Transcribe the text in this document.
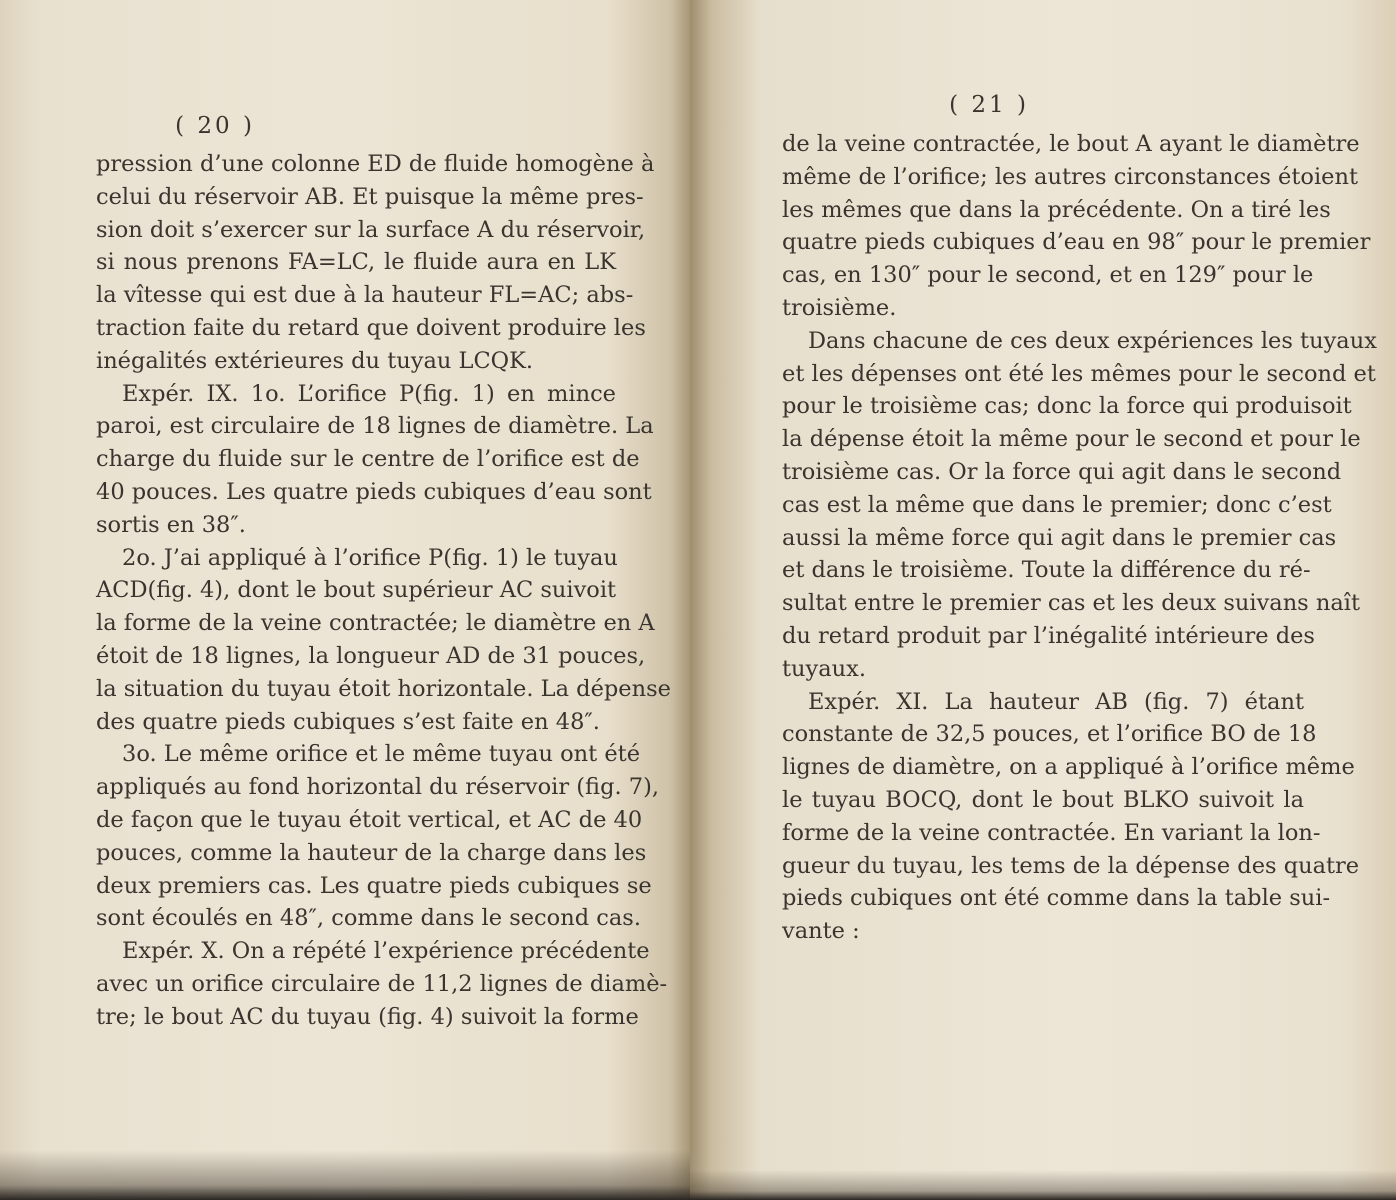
( 20 )
pression d’une colonne ED de fluide homogène à
celui du réservoir AB. Et puisque la même pres-
sion doit s’exercer sur la surface A du réservoir,
si nous prenons FA=LC, le fluide aura en LK
la vîtesse qui est due à la hauteur FL=AC; abs-
traction faite du retard que doivent produire les
inégalités extérieures du tuyau LCQK.
Expér. IX. 1o. L’orifice P(fig. 1) en mince
paroi, est circulaire de 18 lignes de diamètre. La
charge du fluide sur le centre de l’orifice est de
40 pouces. Les quatre pieds cubiques d’eau sont
sortis en 38″.
2o. J’ai appliqué à l’orifice P(fig. 1) le tuyau
ACD(fig. 4), dont le bout supérieur AC suivoit
la forme de la veine contractée; le diamètre en A
étoit de 18 lignes, la longueur AD de 31 pouces,
la situation du tuyau étoit horizontale. La dépense
des quatre pieds cubiques s’est faite en 48″.
3o. Le même orifice et le même tuyau ont été
appliqués au fond horizontal du réservoir (fig. 7),
de façon que le tuyau étoit vertical, et AC de 40
pouces, comme la hauteur de la charge dans les
deux premiers cas. Les quatre pieds cubiques se
sont écoulés en 48″, comme dans le second cas.
Expér. X. On a répété l’expérience précédente
avec un orifice circulaire de 11,2 lignes de diamè-
tre; le bout AC du tuyau (fig. 4) suivoit la forme
( 21 )
de la veine contractée, le bout A ayant le diamètre
même de l’orifice; les autres circonstances étoient
les mêmes que dans la précédente. On a tiré les
quatre pieds cubiques d’eau en 98″ pour le premier
cas, en 130″ pour le second, et en 129″ pour le
troisième.
Dans chacune de ces deux expériences les tuyaux
et les dépenses ont été les mêmes pour le second et
pour le troisième cas; donc la force qui produisoit
la dépense étoit la même pour le second et pour le
troisième cas. Or la force qui agit dans le second
cas est la même que dans le premier; donc c’est
aussi la même force qui agit dans le premier cas
et dans le troisième. Toute la différence du ré-
sultat entre le premier cas et les deux suivans naît
du retard produit par l’inégalité intérieure des
tuyaux.
Expér. XI. La hauteur AB (fig. 7) étant
constante de 32,5 pouces, et l’orifice BO de 18
lignes de diamètre, on a appliqué à l’orifice même
le tuyau BOCQ, dont le bout BLKO suivoit la
forme de la veine contractée. En variant la lon-
gueur du tuyau, les tems de la dépense des quatre
pieds cubiques ont été comme dans la table sui-
vante :
